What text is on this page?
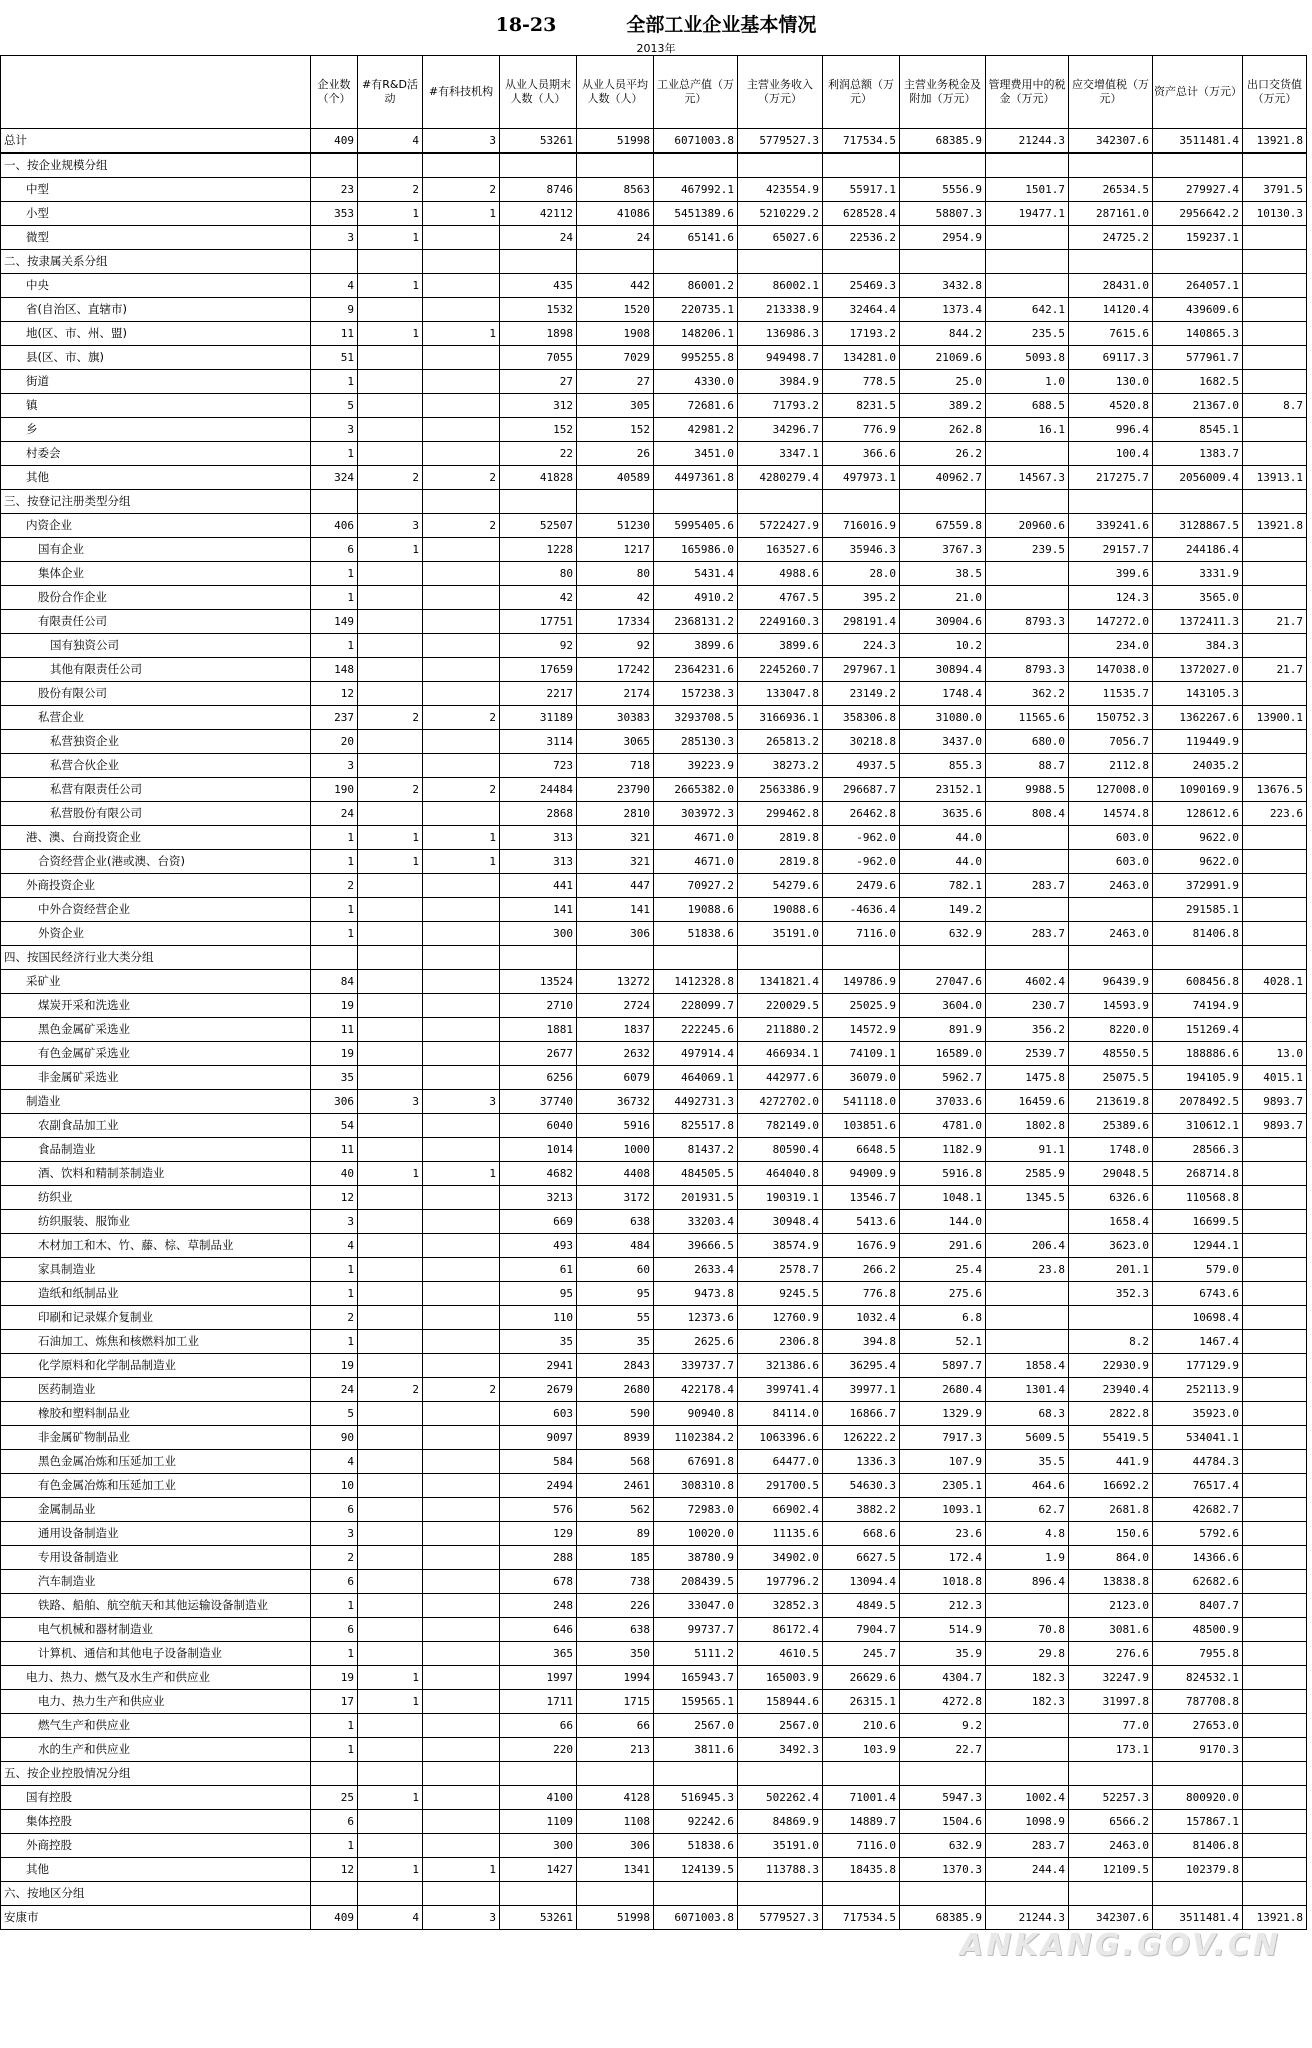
18-23	全部工业企业基本情况
2013年
	企业数（个）	#有R&D活动	#有科技机构	从业人员期末人数（人）	从业人员平均人数（人）	工业总产值（万元）	主营业务收入（万元）	利润总额（万元）	主营业务税金及附加（万元）	管理费用中的税金（万元）	应交增值税（万元）	资产总计（万元）	出口交货值（万元）
总计	409	4	3	53261	51998	6071003.8	5779527.3	717534.5	68385.9	21244.3	342307.6	3511481.4	13921.8
一、按企业规模分组													
中型	23	2	2	8746	8563	467992.1	423554.9	55917.1	5556.9	1501.7	26534.5	279927.4	3791.5
小型	353	1	1	42112	41086	5451389.6	5210229.2	628528.4	58807.3	19477.1	287161.0	2956642.2	10130.3
微型	3	1		24	24	65141.6	65027.6	22536.2	2954.9		24725.2	159237.1	
二、按隶属关系分组													
中央	4	1		435	442	86001.2	86002.1	25469.3	3432.8		28431.0	264057.1	
省(自治区、直辖市)	9			1532	1520	220735.1	213338.9	32464.4	1373.4	642.1	14120.4	439609.6	
地(区、市、州、盟)	11	1	1	1898	1908	148206.1	136986.3	17193.2	844.2	235.5	7615.6	140865.3	
县(区、市、旗)	51			7055	7029	995255.8	949498.7	134281.0	21069.6	5093.8	69117.3	577961.7	
街道	1			27	27	4330.0	3984.9	778.5	25.0	1.0	130.0	1682.5	
镇	5			312	305	72681.6	71793.2	8231.5	389.2	688.5	4520.8	21367.0	8.7
乡	3			152	152	42981.2	34296.7	776.9	262.8	16.1	996.4	8545.1	
村委会	1			22	26	3451.0	3347.1	366.6	26.2		100.4	1383.7	
其他	324	2	2	41828	40589	4497361.8	4280279.4	497973.1	40962.7	14567.3	217275.7	2056009.4	13913.1
三、按登记注册类型分组													
内资企业	406	3	2	52507	51230	5995405.6	5722427.9	716016.9	67559.8	20960.6	339241.6	3128867.5	13921.8
国有企业	6	1		1228	1217	165986.0	163527.6	35946.3	3767.3	239.5	29157.7	244186.4	
集体企业	1			80	80	5431.4	4988.6	28.0	38.5		399.6	3331.9	
股份合作企业	1			42	42	4910.2	4767.5	395.2	21.0		124.3	3565.0	
有限责任公司	149			17751	17334	2368131.2	2249160.3	298191.4	30904.6	8793.3	147272.0	1372411.3	21.7
国有独资公司	1			92	92	3899.6	3899.6	224.3	10.2		234.0	384.3	
其他有限责任公司	148			17659	17242	2364231.6	2245260.7	297967.1	30894.4	8793.3	147038.0	1372027.0	21.7
股份有限公司	12			2217	2174	157238.3	133047.8	23149.2	1748.4	362.2	11535.7	143105.3	
私营企业	237	2	2	31189	30383	3293708.5	3166936.1	358306.8	31080.0	11565.6	150752.3	1362267.6	13900.1
私营独资企业	20			3114	3065	285130.3	265813.2	30218.8	3437.0	680.0	7056.7	119449.9	
私营合伙企业	3			723	718	39223.9	38273.2	4937.5	855.3	88.7	2112.8	24035.2	
私营有限责任公司	190	2	2	24484	23790	2665382.0	2563386.9	296687.7	23152.1	9988.5	127008.0	1090169.9	13676.5
私营股份有限公司	24			2868	2810	303972.3	299462.8	26462.8	3635.6	808.4	14574.8	128612.6	223.6
港、澳、台商投资企业	1	1	1	313	321	4671.0	2819.8	-962.0	44.0		603.0	9622.0	
合资经营企业(港或澳、台资)	1	1	1	313	321	4671.0	2819.8	-962.0	44.0		603.0	9622.0	
外商投资企业	2			441	447	70927.2	54279.6	2479.6	782.1	283.7	2463.0	372991.9	
中外合资经营企业	1			141	141	19088.6	19088.6	-4636.4	149.2			291585.1	
外资企业	1			300	306	51838.6	35191.0	7116.0	632.9	283.7	2463.0	81406.8	
四、按国民经济行业大类分组													
采矿业	84			13524	13272	1412328.8	1341821.4	149786.9	27047.6	4602.4	96439.9	608456.8	4028.1
煤炭开采和洗选业	19			2710	2724	228099.7	220029.5	25025.9	3604.0	230.7	14593.9	74194.9	
黑色金属矿采选业	11			1881	1837	222245.6	211880.2	14572.9	891.9	356.2	8220.0	151269.4	
有色金属矿采选业	19			2677	2632	497914.4	466934.1	74109.1	16589.0	2539.7	48550.5	188886.6	13.0
非金属矿采选业	35			6256	6079	464069.1	442977.6	36079.0	5962.7	1475.8	25075.5	194105.9	4015.1
制造业	306	3	3	37740	36732	4492731.3	4272702.0	541118.0	37033.6	16459.6	213619.8	2078492.5	9893.7
农副食品加工业	54			6040	5916	825517.8	782149.0	103851.6	4781.0	1802.8	25389.6	310612.1	9893.7
食品制造业	11			1014	1000	81437.2	80590.4	6648.5	1182.9	91.1	1748.0	28566.3	
酒、饮料和精制茶制造业	40	1	1	4682	4408	484505.5	464040.8	94909.9	5916.8	2585.9	29048.5	268714.8	
纺织业	12			3213	3172	201931.5	190319.1	13546.7	1048.1	1345.5	6326.6	110568.8	
纺织服装、服饰业	3			669	638	33203.4	30948.4	5413.6	144.0		1658.4	16699.5	
木材加工和木、竹、藤、棕、草制品业	4			493	484	39666.5	38574.9	1676.9	291.6	206.4	3623.0	12944.1	
家具制造业	1			61	60	2633.4	2578.7	266.2	25.4	23.8	201.1	579.0	
造纸和纸制品业	1			95	95	9473.8	9245.5	776.8	275.6		352.3	6743.6	
印刷和记录媒介复制业	2			110	55	12373.6	12760.9	1032.4	6.8			10698.4	
石油加工、炼焦和核燃料加工业	1			35	35	2625.6	2306.8	394.8	52.1		8.2	1467.4	
化学原料和化学制品制造业	19			2941	2843	339737.7	321386.6	36295.4	5897.7	1858.4	22930.9	177129.9	
医药制造业	24	2	2	2679	2680	422178.4	399741.4	39977.1	2680.4	1301.4	23940.4	252113.9	
橡胶和塑料制品业	5			603	590	90940.8	84114.0	16866.7	1329.9	68.3	2822.8	35923.0	
非金属矿物制品业	90			9097	8939	1102384.2	1063396.6	126222.2	7917.3	5609.5	55419.5	534041.1	
黑色金属冶炼和压延加工业	4			584	568	67691.8	64477.0	1336.3	107.9	35.5	441.9	44784.3	
有色金属冶炼和压延加工业	10			2494	2461	308310.8	291700.5	54630.3	2305.1	464.6	16692.2	76517.4	
金属制品业	6			576	562	72983.0	66902.4	3882.2	1093.1	62.7	2681.8	42682.7	
通用设备制造业	3			129	89	10020.0	11135.6	668.6	23.6	4.8	150.6	5792.6	
专用设备制造业	2			288	185	38780.9	34902.0	6627.5	172.4	1.9	864.0	14366.6	
汽车制造业	6			678	738	208439.5	197796.2	13094.4	1018.8	896.4	13838.8	62682.6	
铁路、船舶、航空航天和其他运输设备制造业	1			248	226	33047.0	32852.3	4849.5	212.3		2123.0	8407.7	
电气机械和器材制造业	6			646	638	99737.7	86172.4	7904.7	514.9	70.8	3081.6	48500.9	
计算机、通信和其他电子设备制造业	1			365	350	5111.2	4610.5	245.7	35.9	29.8	276.6	7955.8	
电力、热力、燃气及水生产和供应业	19	1		1997	1994	165943.7	165003.9	26629.6	4304.7	182.3	32247.9	824532.1	
电力、热力生产和供应业	17	1		1711	1715	159565.1	158944.6	26315.1	4272.8	182.3	31997.8	787708.8	
燃气生产和供应业	1			66	66	2567.0	2567.0	210.6	9.2		77.0	27653.0	
水的生产和供应业	1			220	213	3811.6	3492.3	103.9	22.7		173.1	9170.3	
五、按企业控股情况分组													
国有控股	25	1		4100	4128	516945.3	502262.4	71001.4	5947.3	1002.4	52257.3	800920.0	
集体控股	6			1109	1108	92242.6	84869.9	14889.7	1504.6	1098.9	6566.2	157867.1	
外商控股	1			300	306	51838.6	35191.0	7116.0	632.9	283.7	2463.0	81406.8	
其他	12	1	1	1427	1341	124139.5	113788.3	18435.8	1370.3	244.4	12109.5	102379.8	
六、按地区分组													
安康市	409	4	3	53261	51998	6071003.8	5779527.3	717534.5	68385.9	21244.3	342307.6	3511481.4	13921.8
ANKANG.GOV.CN
